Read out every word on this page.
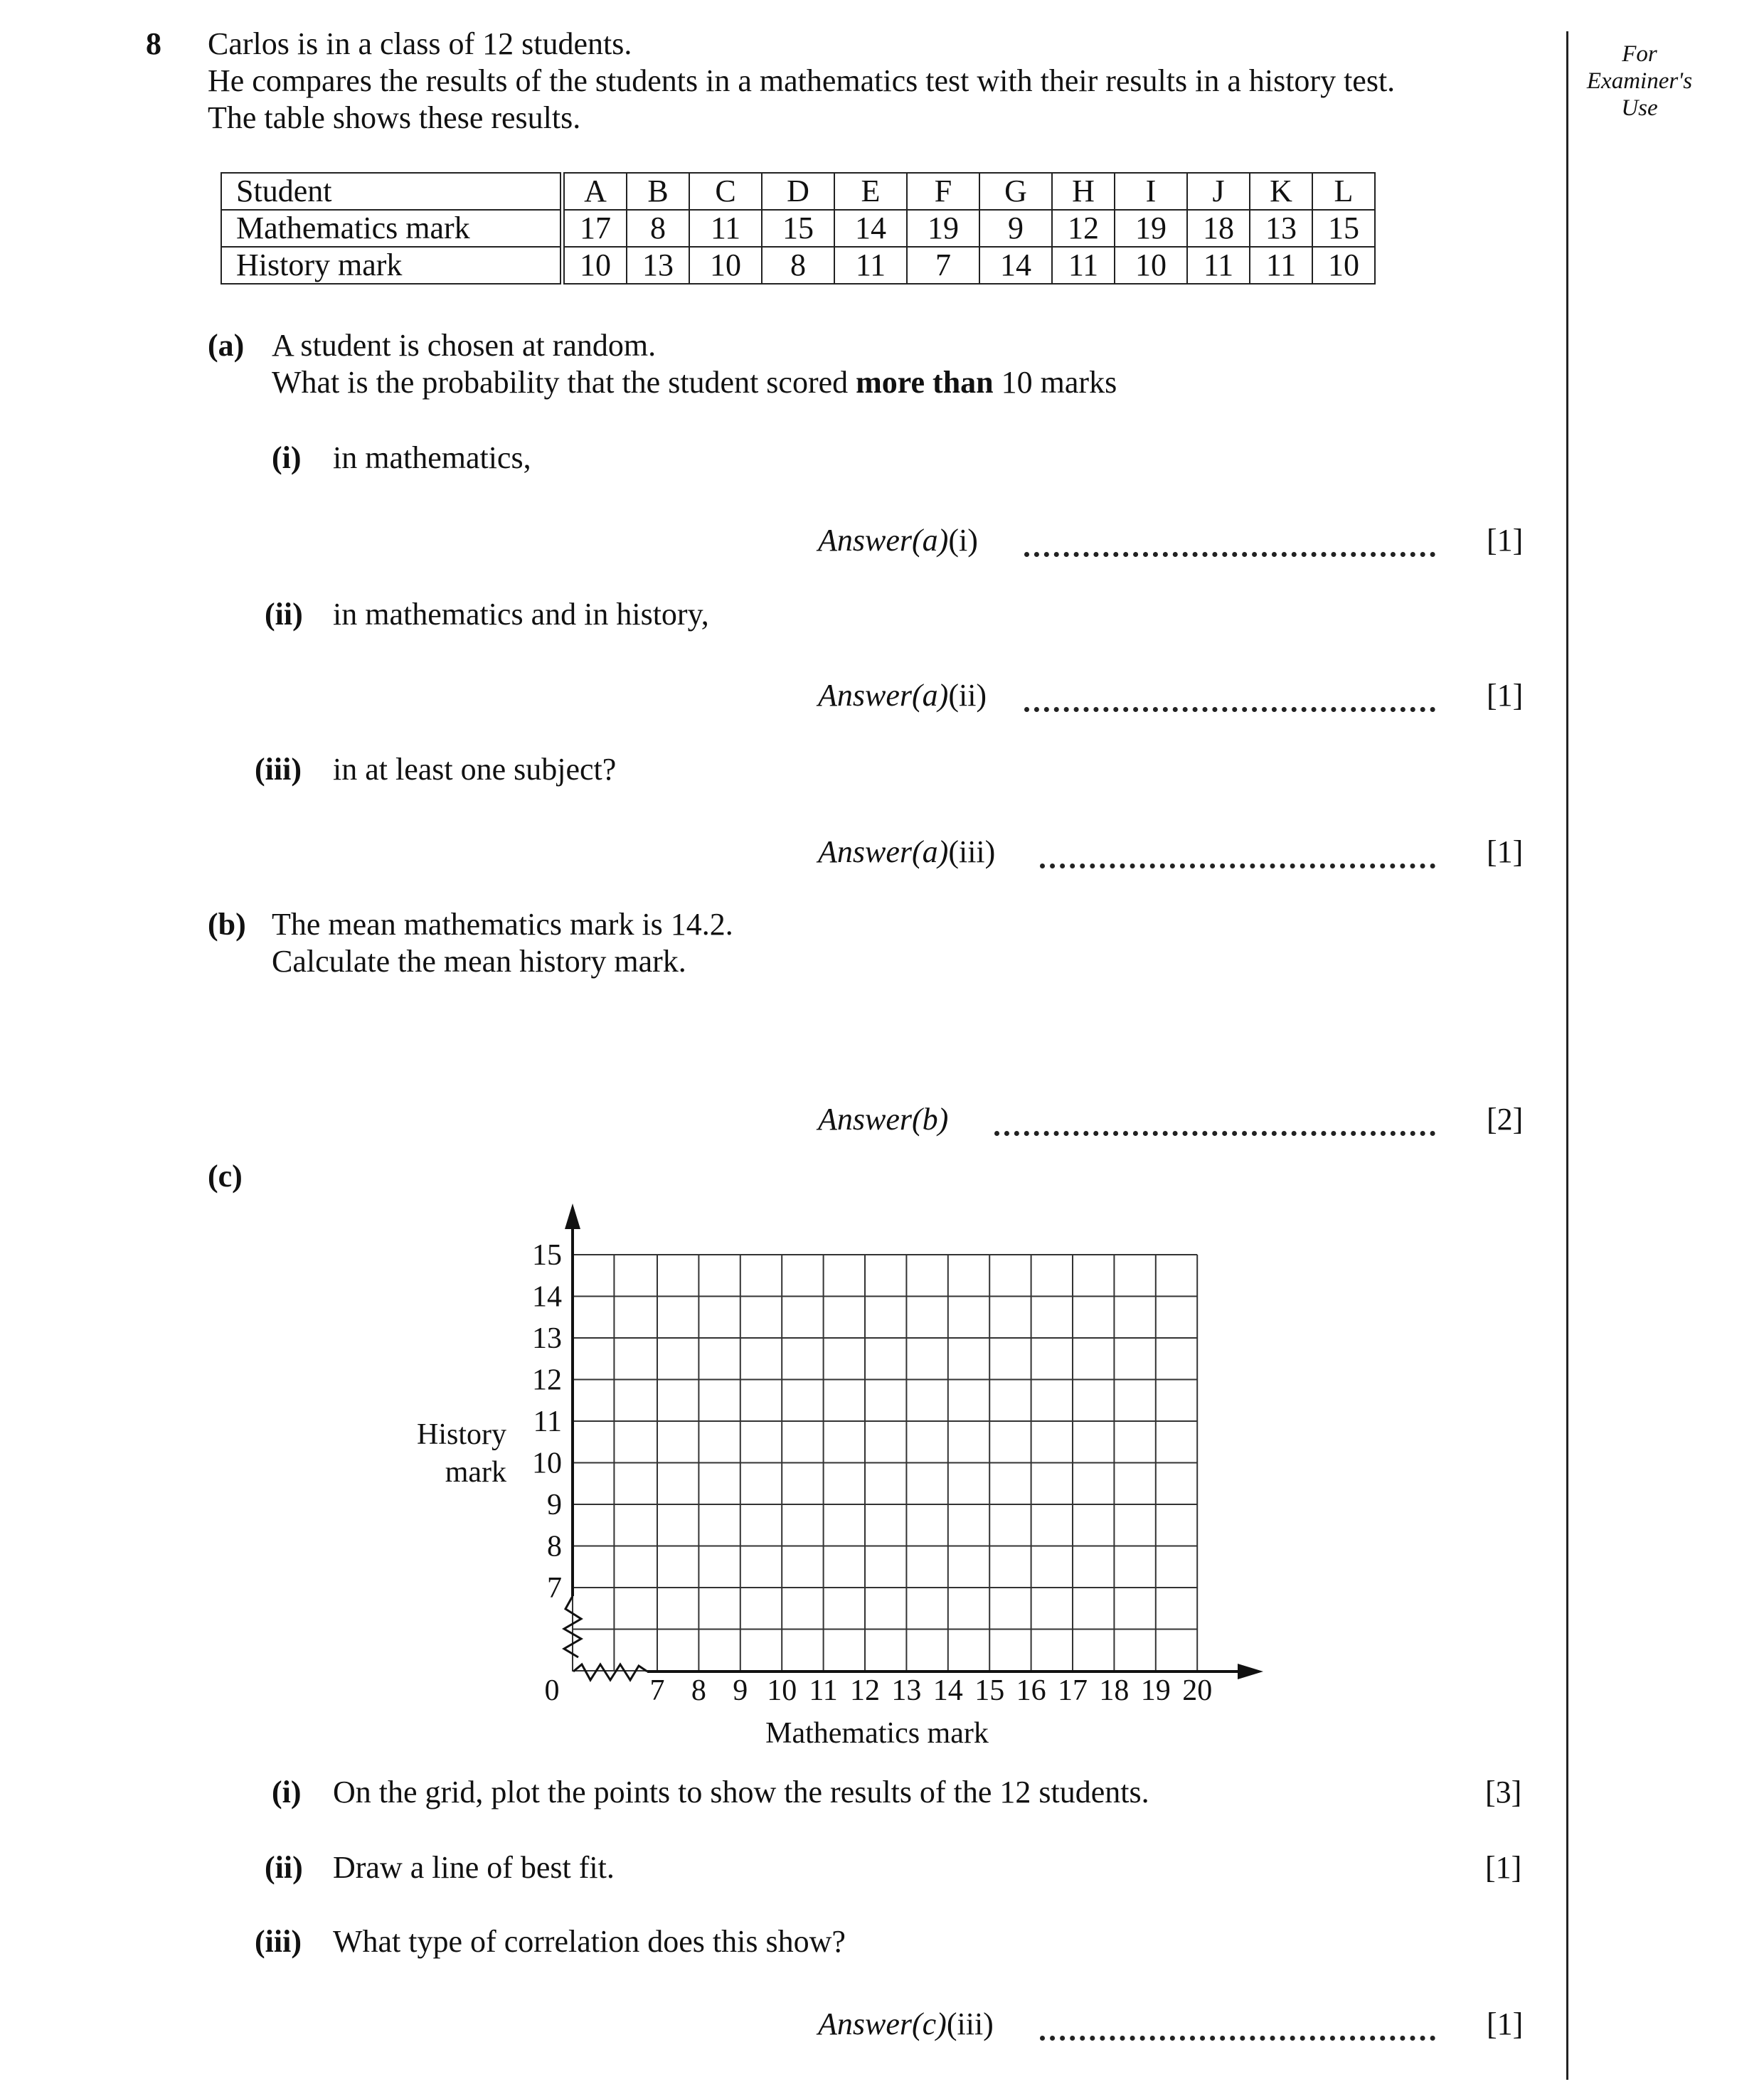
8 Carlos is in a class of 12 students.
He compares the results of the students in a mathematics test with their results in a history test.
The table shows these results.
For
Examiner's
Use
Student	A	B	C	D	E	F	G	H	I	J	K	L
Mathematics mark	17	8	11	15	14	19	9	12	19	18	13	15
History mark	10	13	10	8	11	7	14	11	10	11	11	10
(a) A student is chosen at random.
What is the probability that the student scored more than 10 marks
(i) in mathematics,
Answer(a)(i)	[1]
(ii) in mathematics and in history,
Answer(a)(ii)	[1]
(iii) in at least one subject?
Answer(a)(iii)	[1]
(b) The mean mathematics mark is 14.2.
Calculate the mean history mark.
Answer(b)	[2]
(c)
7 8 9 10 11 12 13 14 15 16 17 18 19 20
7
8
9
10
11
12
13
14
15
History
mark
Mathematics mark
0
(i) On the grid, plot the points to show the results of the 12 students.	[3]
(ii) Draw a line of best fit.	[1]
(iii) What type of correlation does this show?
Answer(c)(iii)	[1]
